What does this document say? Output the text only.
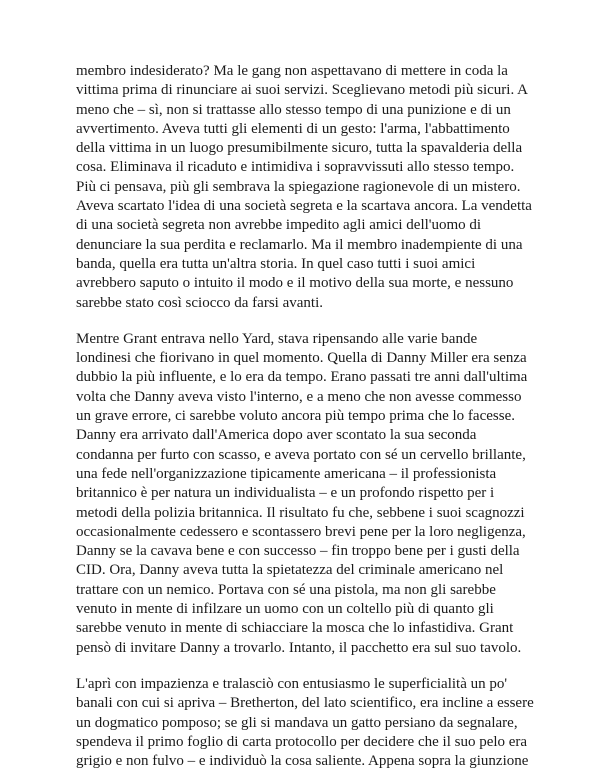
membro indesiderato? Ma le gang non aspettavano di mettere in coda la
vittima prima di rinunciare ai suoi servizi. Sceglievano metodi più sicuri. A
meno che – sì, non si trattasse allo stesso tempo di una punizione e di un
avvertimento. Aveva tutti gli elementi di un gesto: l'arma, l'abbattimento
della vittima in un luogo presumibilmente sicuro, tutta la spavalderia della
cosa. Eliminava il ricaduto e intimidiva i sopravvissuti allo stesso tempo.
Più ci pensava, più gli sembrava la spiegazione ragionevole di un mistero.
Aveva scartato l'idea di una società segreta e la scartava ancora. La vendetta
di una società segreta non avrebbe impedito agli amici dell'uomo di
denunciare la sua perdita e reclamarlo. Ma il membro inadempiente di una
banda, quella era tutta un'altra storia. In quel caso tutti i suoi amici
avrebbero saputo o intuito il modo e il motivo della sua morte, e nessuno
sarebbe stato così sciocco da farsi avanti.

Mentre Grant entrava nello Yard, stava ripensando alle varie bande
londinesi che fiorivano in quel momento. Quella di Danny Miller era senza
dubbio la più influente, e lo era da tempo. Erano passati tre anni dall'ultima
volta che Danny aveva visto l'interno, e a meno che non avesse commesso
un grave errore, ci sarebbe voluto ancora più tempo prima che lo facesse.
Danny era arrivato dall'America dopo aver scontato la sua seconda
condanna per furto con scasso, e aveva portato con sé un cervello brillante,
una fede nell'organizzazione tipicamente americana – il professionista
britannico è per natura un individualista – e un profondo rispetto per i
metodi della polizia britannica. Il risultato fu che, sebbene i suoi scagnozzi
occasionalmente cedessero e scontassero brevi pene per la loro negligenza,
Danny se la cavava bene e con successo – fin troppo bene per i gusti della
CID. Ora, Danny aveva tutta la spietatezza del criminale americano nel
trattare con un nemico. Portava con sé una pistola, ma non gli sarebbe
venuto in mente di infilzare un uomo con un coltello più di quanto gli
sarebbe venuto in mente di schiacciare la mosca che lo infastidiva. Grant
pensò di invitare Danny a trovarlo. Intanto, il pacchetto era sul suo tavolo.

L'aprì con impazienza e tralasciò con entusiasmo le superficialità un po'
banali con cui si apriva – Bretherton, del lato scientifico, era incline a essere
un dogmatico pomposo; se gli si mandava un gatto persiano da segnalare,
spendeva il primo foglio di carta protocollo per decidere che il suo pelo era
grigio e non fulvo – e individuò la cosa saliente. Appena sopra la giunzione
